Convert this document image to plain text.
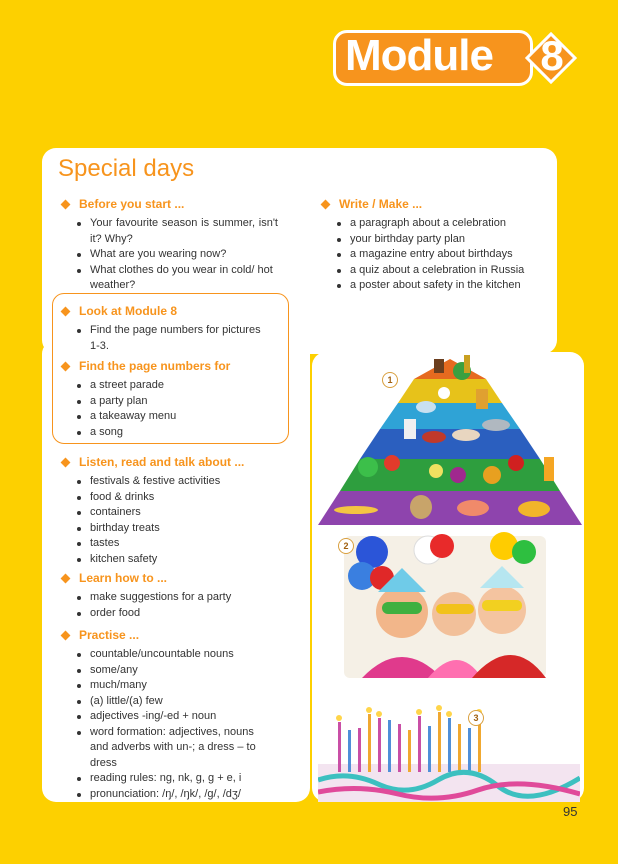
Module 8
Special days
Before you start ...
Your favourite season is summer, isn't it? Why?
What are you wearing now?
What clothes do you wear in cold/ hot weather?
Write / Make ...
a paragraph about a celebration
your birthday party plan
a magazine entry about birthdays
a quiz about a celebration in Russia
a poster about safety in the kitchen
Look at Module 8
Find the page numbers for pictures 1-3.
Find the page numbers for
a street parade
a party plan
a takeaway menu
a song
Listen, read and talk about ...
festivals & festive activities
food & drinks
containers
birthday treats
tastes
kitchen safety
Learn how to ...
make suggestions for a party
order food
Practise ...
countable/uncountable nouns
some/any
much/many
(a) little/(a) few
adjectives -ing/-ed + noun
word formation: adjectives, nouns and adverbs with un-; a dress – to dress
reading rules: ng, nk, g, g + e, i
pronunciation: /ŋ/, /ŋk/, /g/, /dʒ/
1
2
3
95
